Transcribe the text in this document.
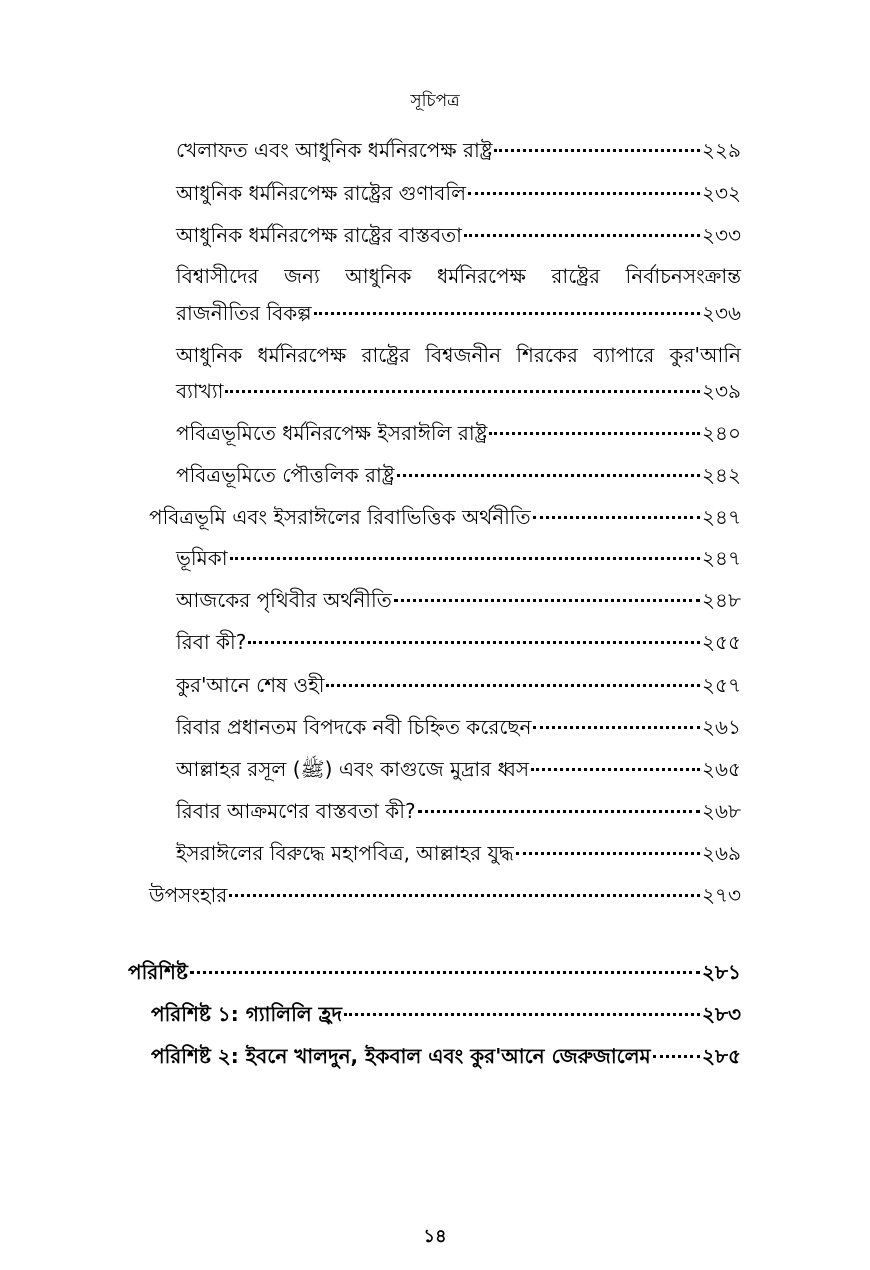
সূচিপত্র
খেলাফত এবং আধুনিক ধর্মনিরপেক্ষ রাষ্ট্র	২২৯
আধুনিক ধর্মনিরপেক্ষ রাষ্ট্রের গুণাবলি	২৩২
আধুনিক ধর্মনিরপেক্ষ রাষ্ট্রের বাস্তবতা	২৩৩
বিশ্বাসীদের জন্য আধুনিক ধর্মনিরপেক্ষ রাষ্ট্রের নির্বাচনসংক্রান্ত
রাজনীতির বিকল্প	২৩৬
আধুনিক ধর্মনিরপেক্ষ রাষ্ট্রের বিশ্বজনীন শিরকের ব্যাপারে কুর'আনি
ব্যাখ্যা	২৩৯
পবিত্রভূমিতে ধর্মনিরপেক্ষ ইসরাঈলি রাষ্ট্র	২৪০
পবিত্রভূমিতে পৌত্তলিক রাষ্ট্র	২৪২
পবিত্রভূমি এবং ইসরাঈলের রিবাভিত্তিক অর্থনীতি	২৪৭
ভূমিকা	২৪৭
আজকের পৃথিবীর অর্থনীতি	২৪৮
রিবা কী?	২৫৫
কুর'আনে শেষ ওহী	২৫৭
রিবার প্রধানতম বিপদকে নবী চিহ্নিত করেছেন	২৬১
আল্লাহর রসূল (ﷺ) এবং কাগুজে মুদ্রার ধ্বস	২৬৫
রিবার আক্রমণের বাস্তবতা কী?	২৬৮
ইসরাঈলের বিরুদ্ধে মহাপবিত্র, আল্লাহর যুদ্ধ	২৬৯
উপসংহার	২৭৩
পরিশিষ্ট	২৮১
পরিশিষ্ট ১: গ্যালিলি হ্রদ	২৮৩
পরিশিষ্ট ২: ইবনে খালদুন, ইকবাল এবং কুর'আনে জেরুজালেম	২৮৫
১৪
